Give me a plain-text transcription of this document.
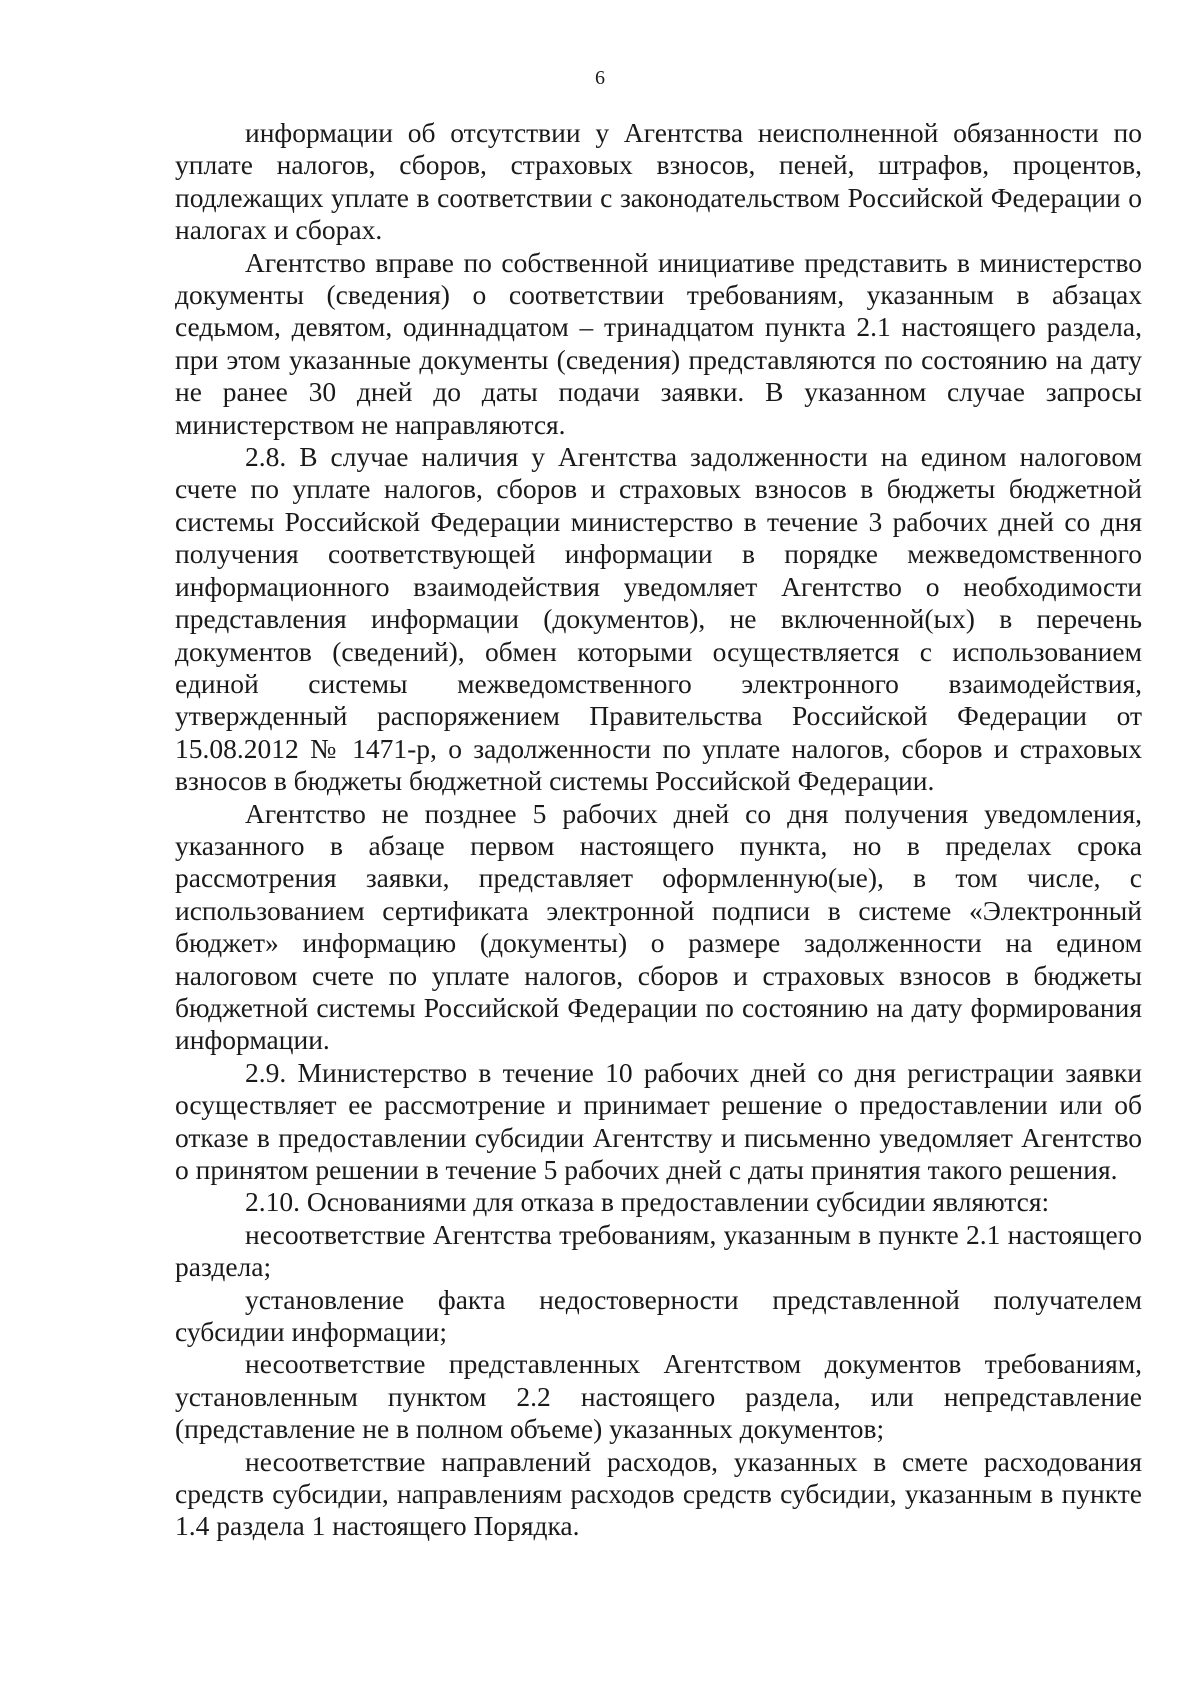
6

информации об отсутствии у Агентства неисполненной обязанности по уплате налогов, сборов, страховых взносов, пеней, штрафов, процентов, подлежащих уплате в соответствии с законодательством Российской Федерации о налогах и сборах.

Агентство вправе по собственной инициативе представить в министерство документы (сведения) о соответствии требованиям, указанным в абзацах седьмом, девятом, одиннадцатом – тринадцатом пункта 2.1 настоящего раздела, при этом указанные документы (сведения) представляются по состоянию на дату не ранее 30 дней до даты подачи заявки. В указанном случае запросы министерством не направляются.

2.8. В случае наличия у Агентства задолженности на едином налоговом счете по уплате налогов, сборов и страховых взносов в бюджеты бюджетной системы Российской Федерации министерство в течение 3 рабочих дней со дня получения соответствующей информации в порядке межведомственного информационного взаимодействия уведомляет Агентство о необходимости представления информации (документов), не включенной(ых) в перечень документов (сведений), обмен которыми осуществляется с использованием единой системы межведомственного электронного взаимодействия, утвержденный распоряжением Правительства Российской Федерации от 15.08.2012 № 1471-р, о задолженности по уплате налогов, сборов и страховых взносов в бюджеты бюджетной системы Российской Федерации.

Агентство не позднее 5 рабочих дней со дня получения уведомления, указанного в абзаце первом настоящего пункта, но в пределах срока рассмотрения заявки, представляет оформленную(ые), в том числе, с использованием сертификата электронной подписи в системе «Электронный бюджет» информацию (документы) о размере задолженности на едином налоговом счете по уплате налогов, сборов и страховых взносов в бюджеты бюджетной системы Российской Федерации по состоянию на дату формирования информации.

2.9. Министерство в течение 10 рабочих дней со дня регистрации заявки осуществляет ее рассмотрение и принимает решение о предоставлении или об отказе в предоставлении субсидии Агентству и письменно уведомляет Агентство о принятом решении в течение 5 рабочих дней с даты принятия такого решения.

2.10. Основаниями для отказа в предоставлении субсидии являются:

несоответствие Агентства требованиям, указанным в пункте 2.1 настоящего раздела;

установление факта недостоверности представленной получателем субсидии информации;

несоответствие представленных Агентством документов требованиям, установленным пунктом 2.2 настоящего раздела, или непредставление (представление не в полном объеме) указанных документов;

несоответствие направлений расходов, указанных в смете расходования средств субсидии, направлениям расходов средств субсидии, указанным в пункте 1.4 раздела 1 настоящего Порядка.
